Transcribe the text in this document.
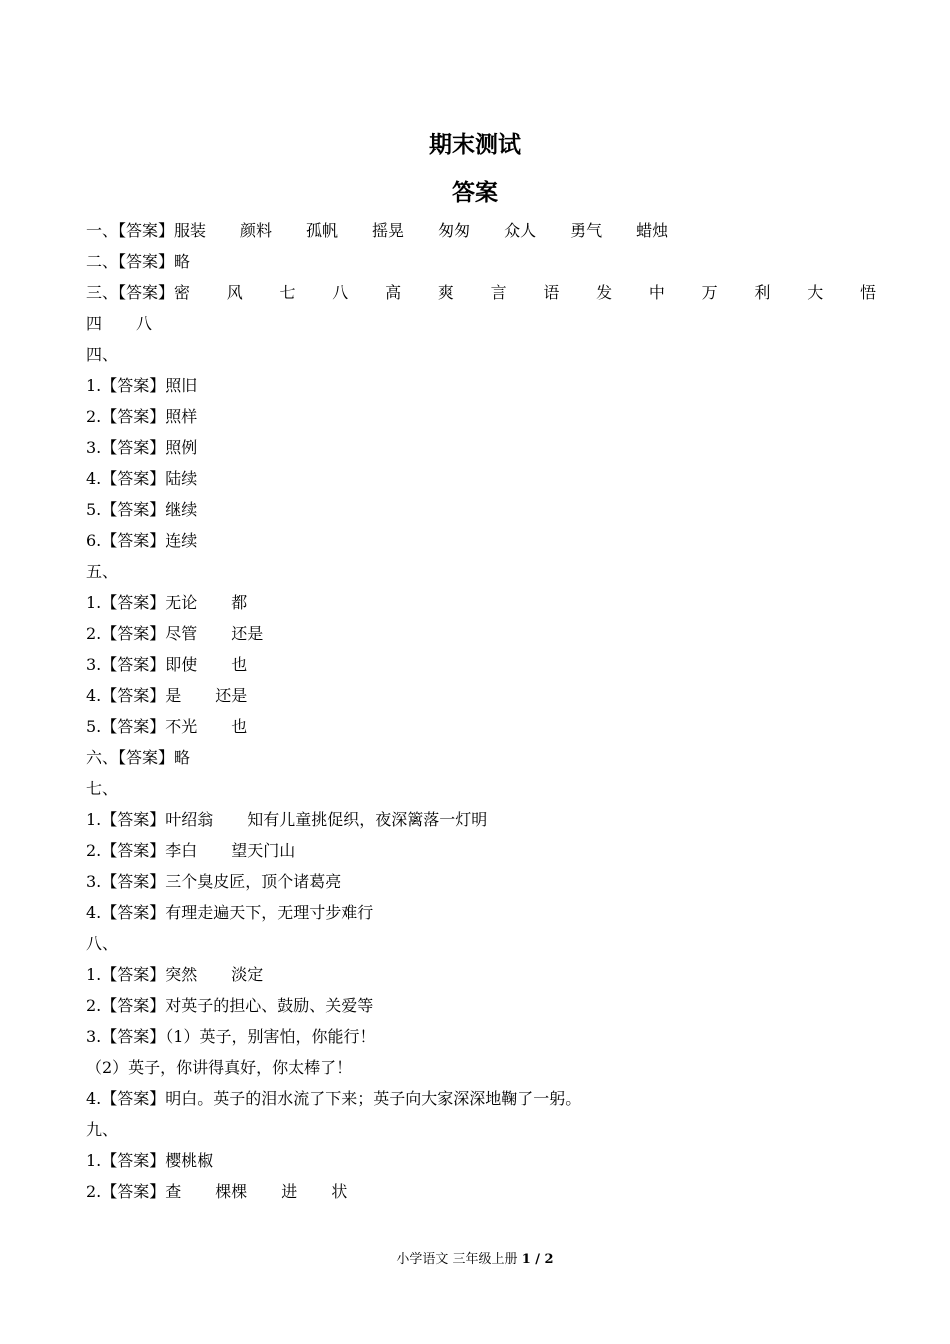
期末测试
答案
一、【答案】服装 颜料 孤帆 摇晃 匆匆 众人 勇气 蜡烛
二、【答案】略
三、【答案】密 风 七 八 高 爽 言 语 发 中 万 利 大 悟
四 八
四、
1.【答案】照旧
2.【答案】照样
3.【答案】照例
4.【答案】陆续
5.【答案】继续
6.【答案】连续
五、
1.【答案】无论 都
2.【答案】尽管 还是
3.【答案】即使 也
4.【答案】是 还是
5.【答案】不光 也
六、【答案】略
七、
1.【答案】叶绍翁 知有儿童挑促织，夜深篱落一灯明
2.【答案】李白 望天门山
3.【答案】三个臭皮匠，顶个诸葛亮
4.【答案】有理走遍天下，无理寸步难行
八、
1.【答案】突然 淡定
2.【答案】对英子的担心、鼓励、关爱等
3.【答案】（1）英子，别害怕，你能行！
（2）英子，你讲得真好，你太棒了！
4.【答案】明白。英子的泪水流了下来；英子向大家深深地鞠了一躬。
九、
1.【答案】樱桃椒
2.【答案】查 棵棵 进 状
小学语文 三年级上册 1 / 2
